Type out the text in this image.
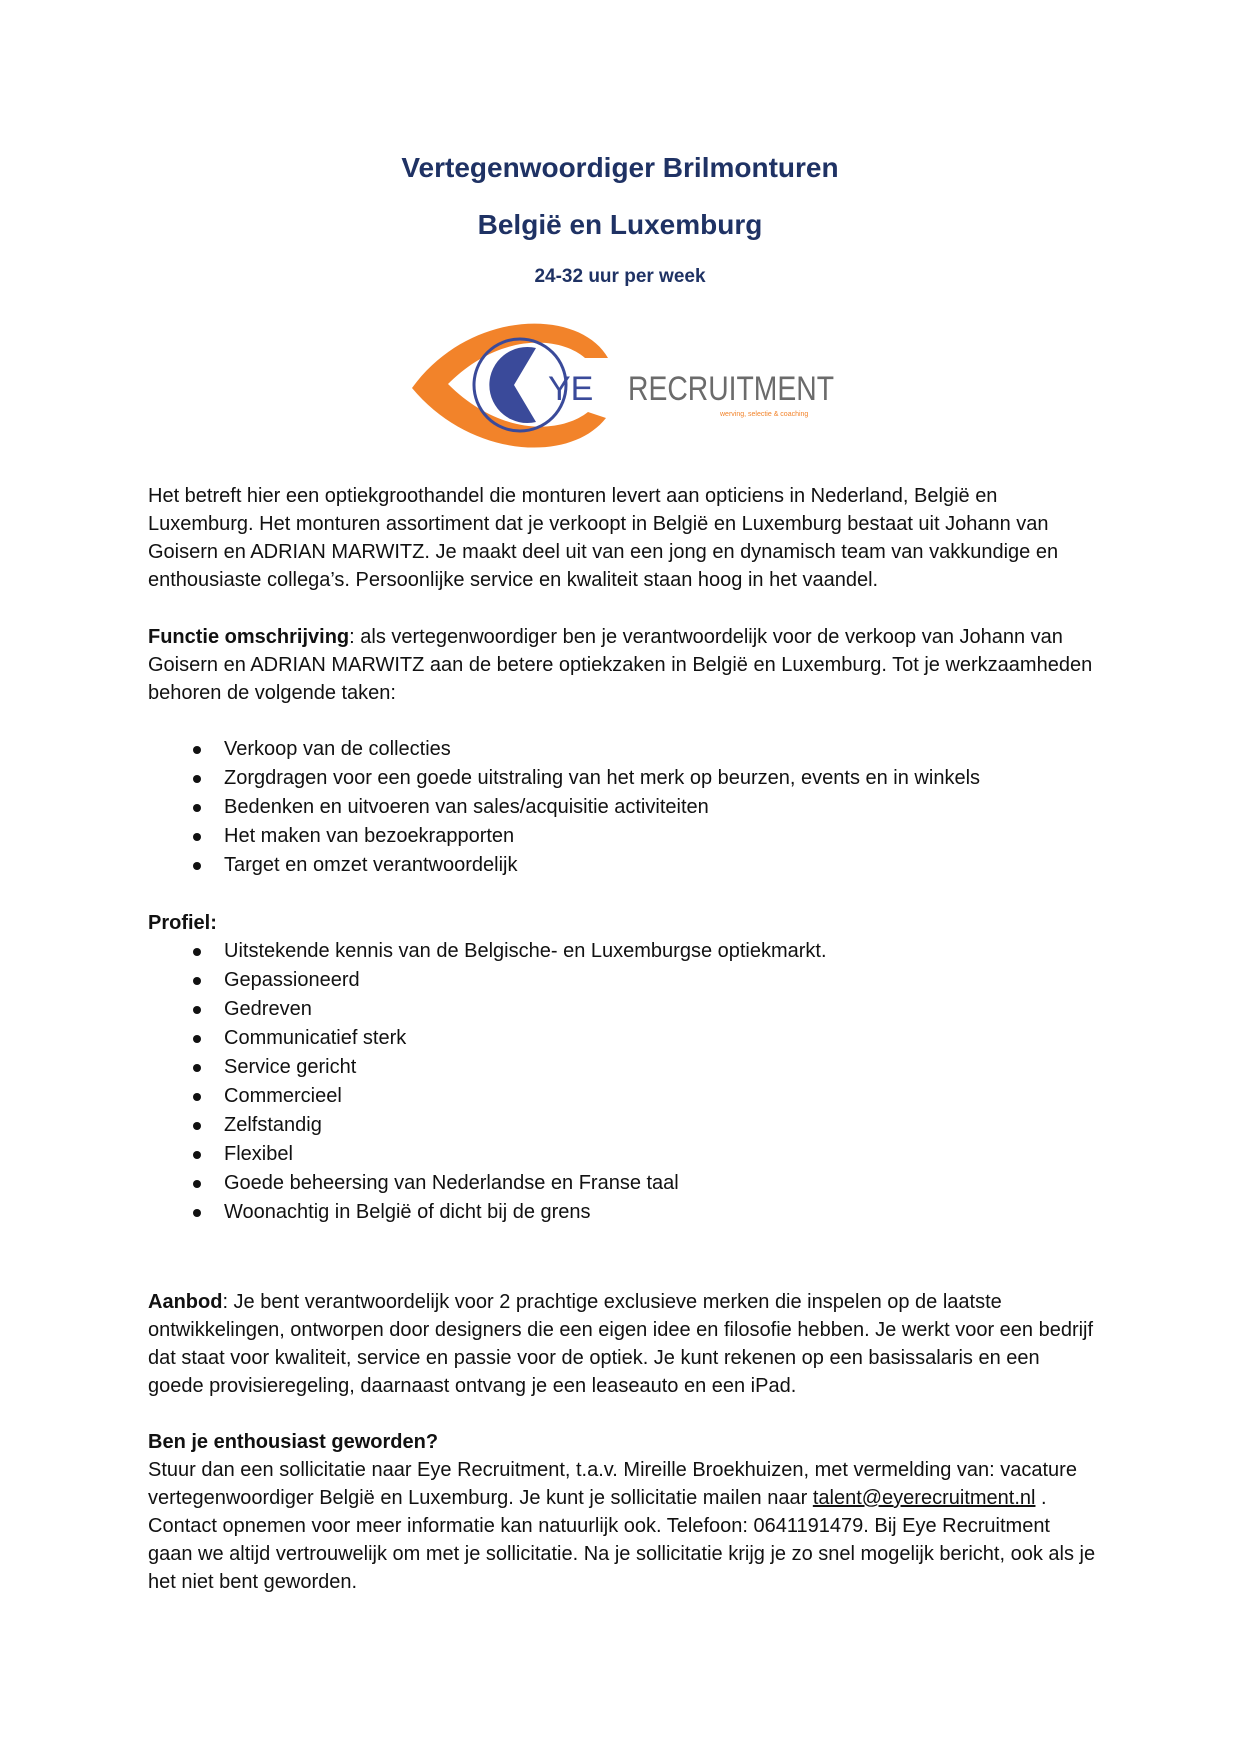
Vertegenwoordiger Brilmonturen
België en Luxemburg
24-32 uur per week
YE RECRUITMENT
werving, selectie & coaching

Het betreft hier een optiekgroothandel die monturen levert aan opticiens in Nederland, België en Luxemburg. Het monturen assortiment dat je verkoopt in België en Luxemburg bestaat uit Johann van Goisern en ADRIAN MARWITZ. Je maakt deel uit van een jong en dynamisch team van vakkundige en enthousiaste collega’s. Persoonlijke service en kwaliteit staan hoog in het vaandel.

Functie omschrijving: als vertegenwoordiger ben je verantwoordelijk voor de verkoop van Johann van Goisern en ADRIAN MARWITZ aan de betere optiekzaken in België en Luxemburg. Tot je werkzaamheden behoren de volgende taken:

Verkoop van de collecties
Zorgdragen voor een goede uitstraling van het merk op beurzen, events en in winkels
Bedenken en uitvoeren van sales/acquisitie activiteiten
Het maken van bezoekrapporten
Target en omzet verantwoordelijk
Profiel:
Uitstekende kennis van de Belgische- en Luxemburgse optiekmarkt.
Gepassioneerd
Gedreven
Communicatief sterk
Service gericht
Commercieel
Zelfstandig
Flexibel
Goede beheersing van Nederlandse en Franse taal
Woonachtig in België of dicht bij de grens

Aanbod: Je bent verantwoordelijk voor 2 prachtige exclusieve merken die inspelen op de laatste ontwikkelingen, ontworpen door designers die een eigen idee en filosofie hebben. Je werkt voor een bedrijf dat staat voor kwaliteit, service en passie voor de optiek. Je kunt rekenen op een basissalaris en een goede provisieregeling, daarnaast ontvang je een leaseauto en een iPad.

Ben je enthousiast geworden?
Stuur dan een sollicitatie naar Eye Recruitment, t.a.v. Mireille Broekhuizen, met vermelding van: vacature vertegenwoordiger België en Luxemburg. Je kunt je sollicitatie mailen naar talent@eyerecruitment.nl . Contact opnemen voor meer informatie kan natuurlijk ook. Telefoon: 0641191479. Bij Eye Recruitment gaan we altijd vertrouwelijk om met je sollicitatie. Na je sollicitatie krijg je zo snel mogelijk bericht, ook als je het niet bent geworden.
